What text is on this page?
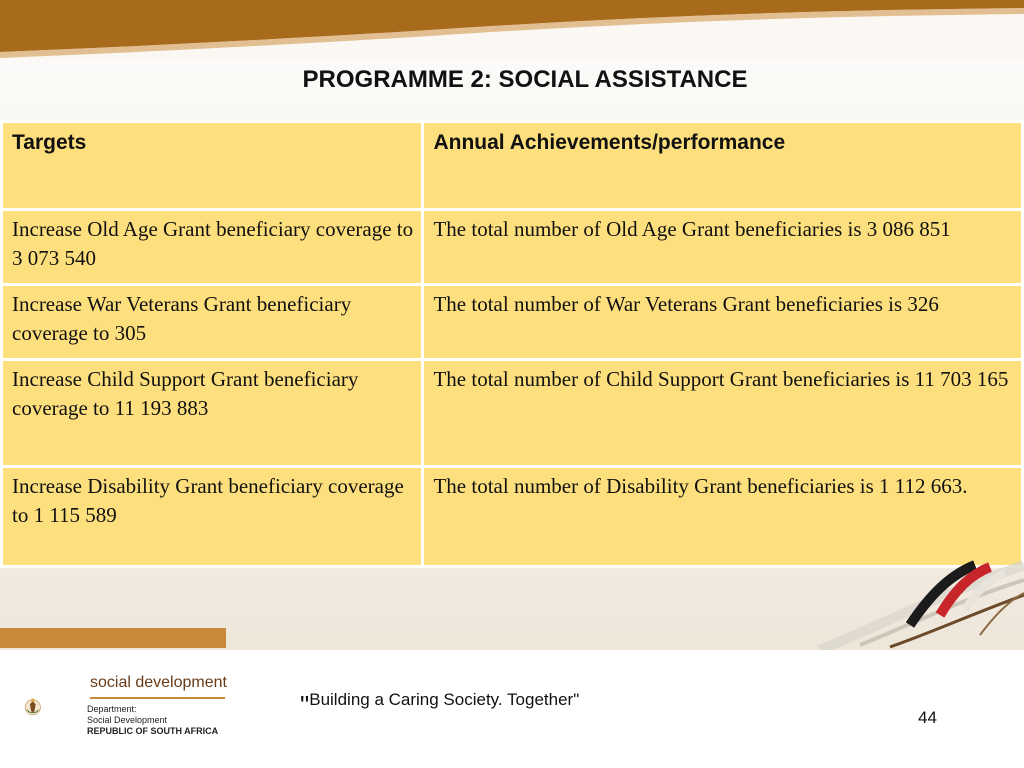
PROGRAMME 2: SOCIAL ASSISTANCE
Targets	Annual Achievements/performance
Increase Old Age Grant beneficiary coverage to 3 073 540	The total number of Old Age Grant beneficiaries is 3 086 851
Increase War Veterans Grant beneficiary coverage to 305	The total number of War Veterans Grant beneficiaries is 326
Increase Child Support Grant beneficiary coverage to 11 193 883	The total number of Child Support Grant beneficiaries is 11 703 165
Increase Disability Grant beneficiary coverage to 1 115 589	The total number of Disability Grant beneficiaries is 1 112 663.
social development
Department:
Social Development
REPUBLIC OF SOUTH AFRICA
"Building a Caring Society. Together"
44
